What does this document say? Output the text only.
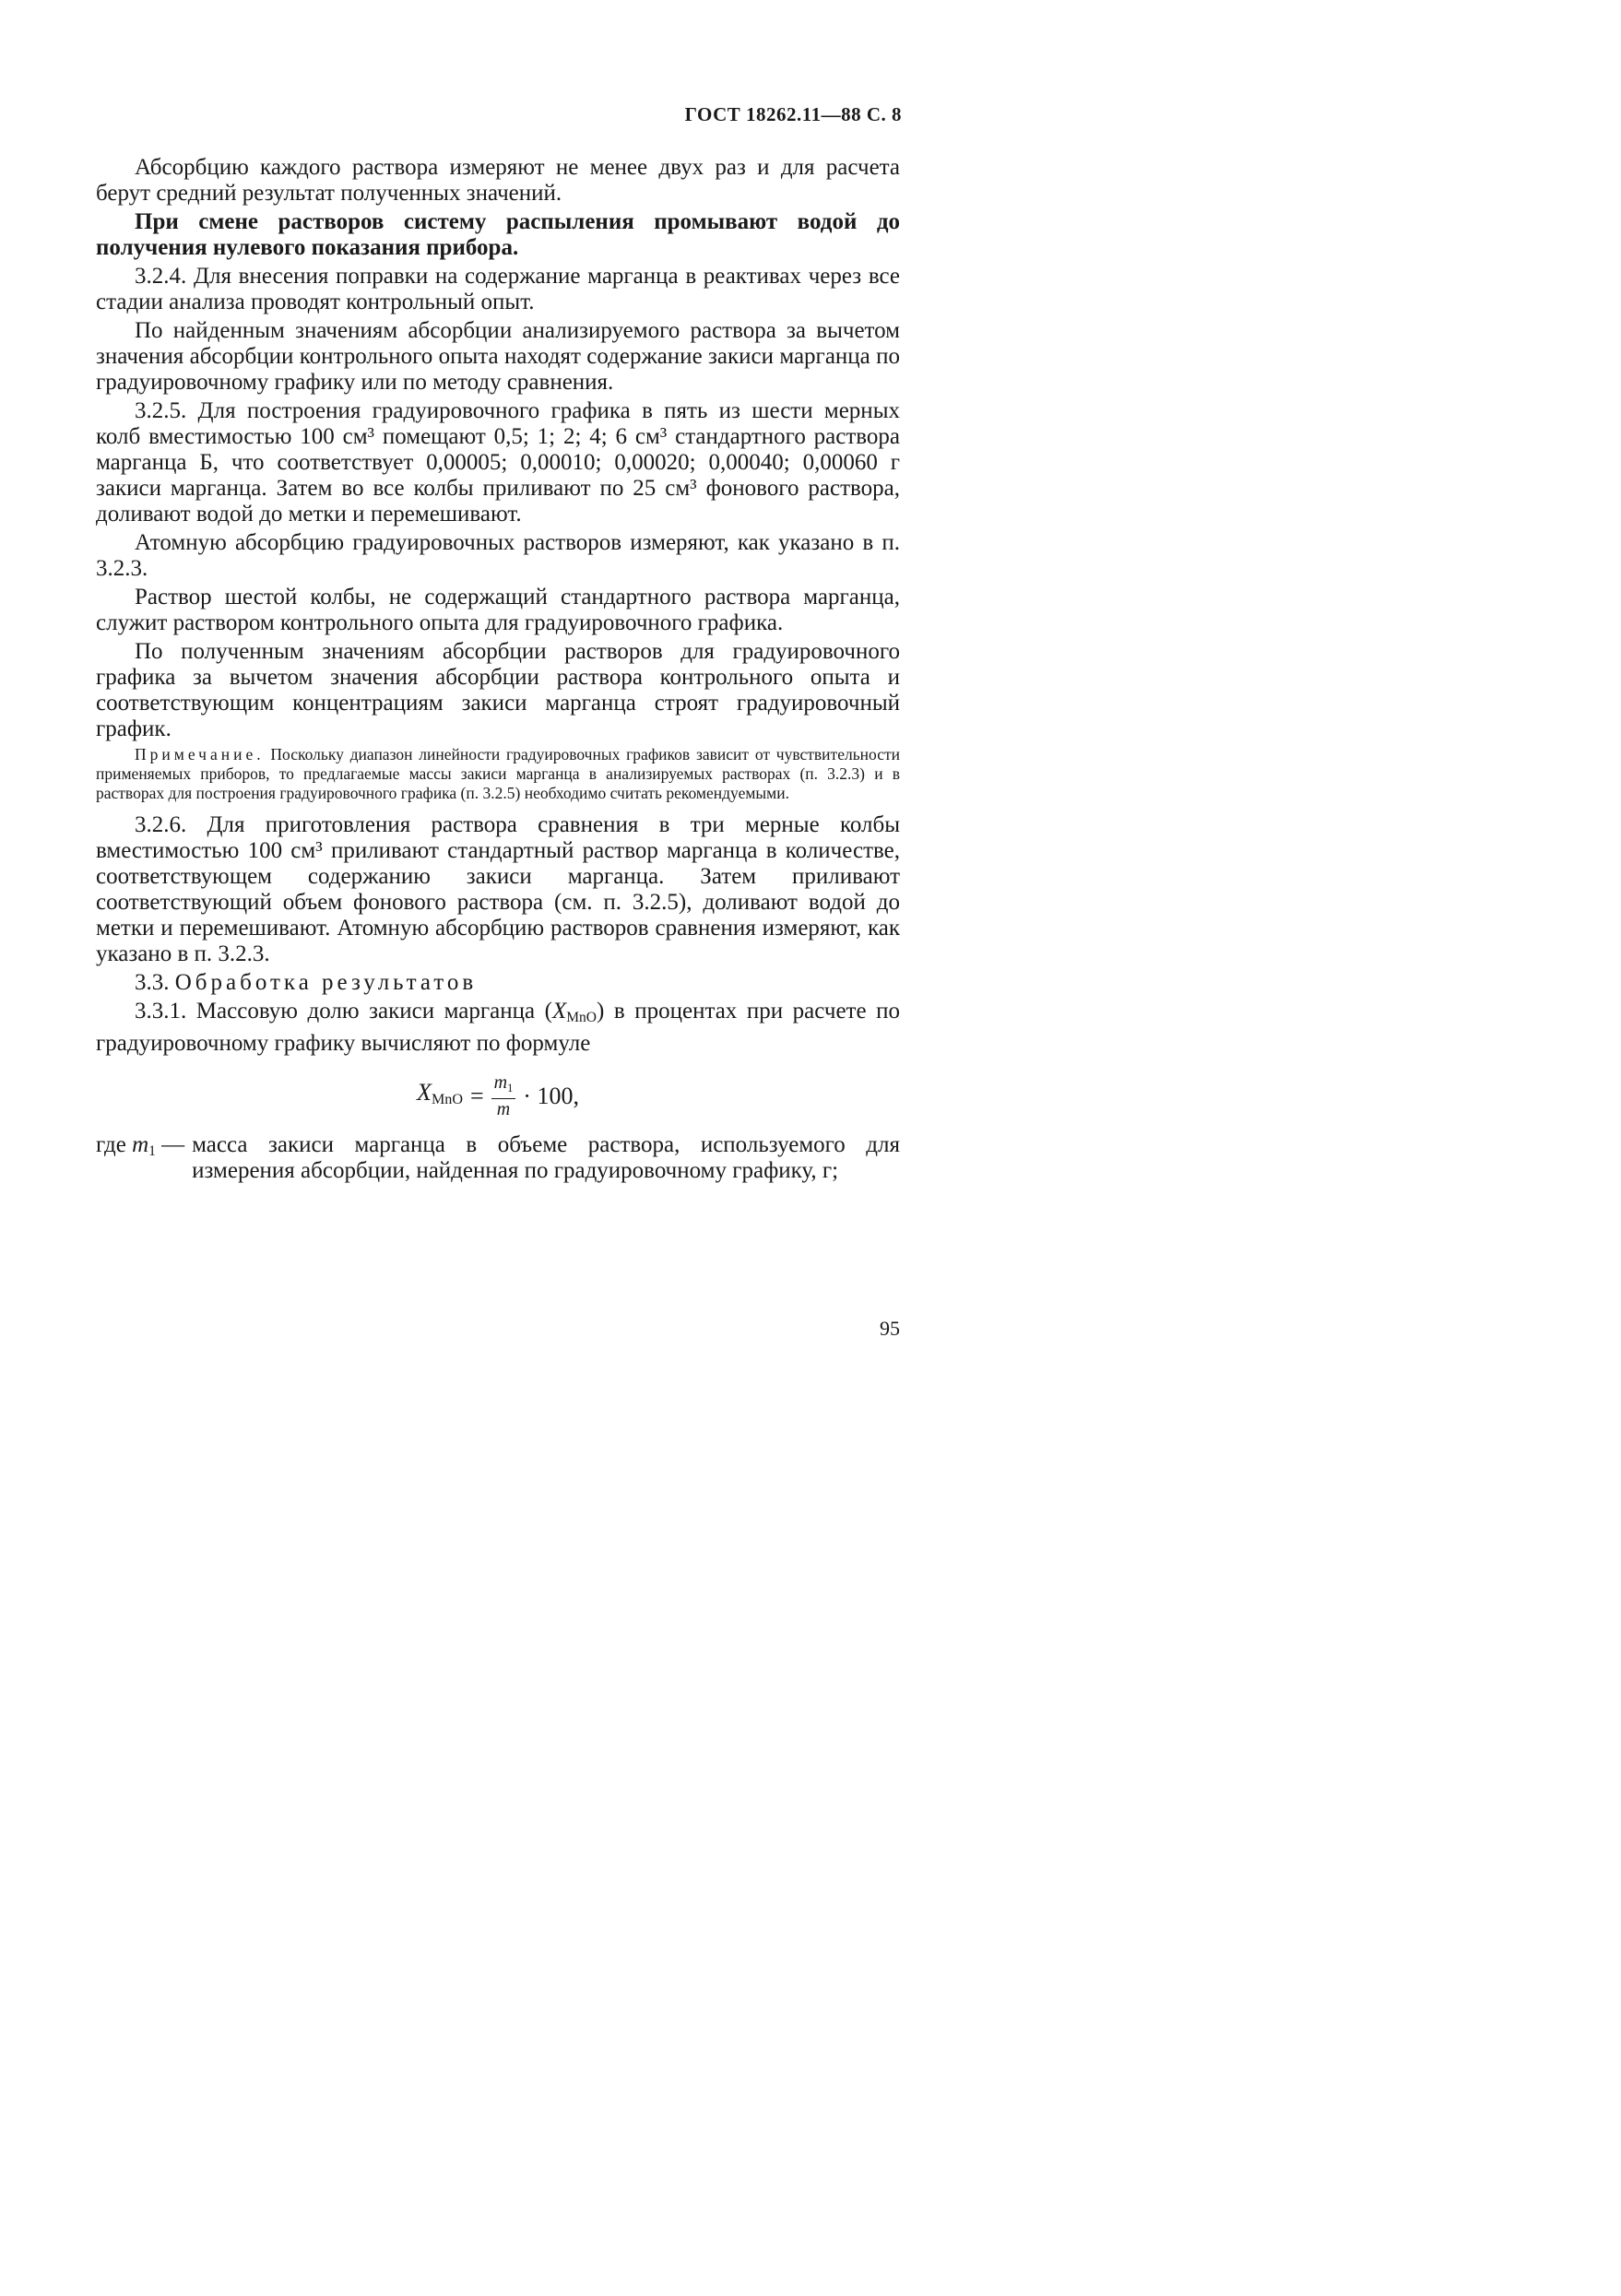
ГОСТ 18262.11—88 С. 8

Абсорбцию каждого раствора измеряют не менее двух раз и для расчета берут средний результат полученных значений.

При смене растворов систему распыления промывают водой до получения нулевого показания прибора.

3.2.4. Для внесения поправки на содержание марганца в реактивах через все стадии анализа проводят контрольный опыт.

По найденным значениям абсорбции анализируемого раствора за вычетом значения абсорбции контрольного опыта находят содержание закиси марганца по градуировочному графику или по методу сравнения.

3.2.5. Для построения градуировочного графика в пять из шести мерных колб вместимостью 100 см³ помещают 0,5; 1; 2; 4; 6 см³ стандартного раствора марганца Б, что соответствует 0,00005; 0,00010; 0,00020; 0,00040; 0,00060 г закиси марганца. Затем во все колбы приливают по 25 см³ фонового раствора, доливают водой до метки и перемешивают.

Атомную абсорбцию градуировочных растворов измеряют, как указано в п. 3.2.3.

Раствор шестой колбы, не содержащий стандартного раствора марганца, служит раствором контрольного опыта для градуировочного графика.

По полученным значениям абсорбции растворов для градуировочного графика за вычетом значения абсорбции раствора контрольного опыта и соответствующим концентрациям закиси марганца строят градуировочный график.

Примечание. Поскольку диапазон линейности градуировочных графиков зависит от чувствительности применяемых приборов, то предлагаемые массы закиси марганца в анализируемых растворах (п. 3.2.3) и в растворах для построения градуировочного графика (п. 3.2.5) необходимо считать рекомендуемыми.

3.2.6. Для приготовления раствора сравнения в три мерные колбы вместимостью 100 см³ приливают стандартный раствор марганца в количестве, соответствующем содержанию закиси марганца. Затем приливают соответствующий объем фонового раствора (см. п. 3.2.5), доливают водой до метки и перемешивают. Атомную абсорбцию растворов сравнения измеряют, как указано в п. 3.2.3.

3.3. Обработка результатов

3.3.1. Массовую долю закиси марганца $(X_{MnO})$ в процентах при расчете по градуировочному графику вычисляют по формуле

$X_{MnO} = \frac{m_1}{m} \cdot 100$,
где $m_1$ — масса закиси марганца в объеме раствора, используемого для измерения абсорбции, найденная по градуировочному графику, г;
95
